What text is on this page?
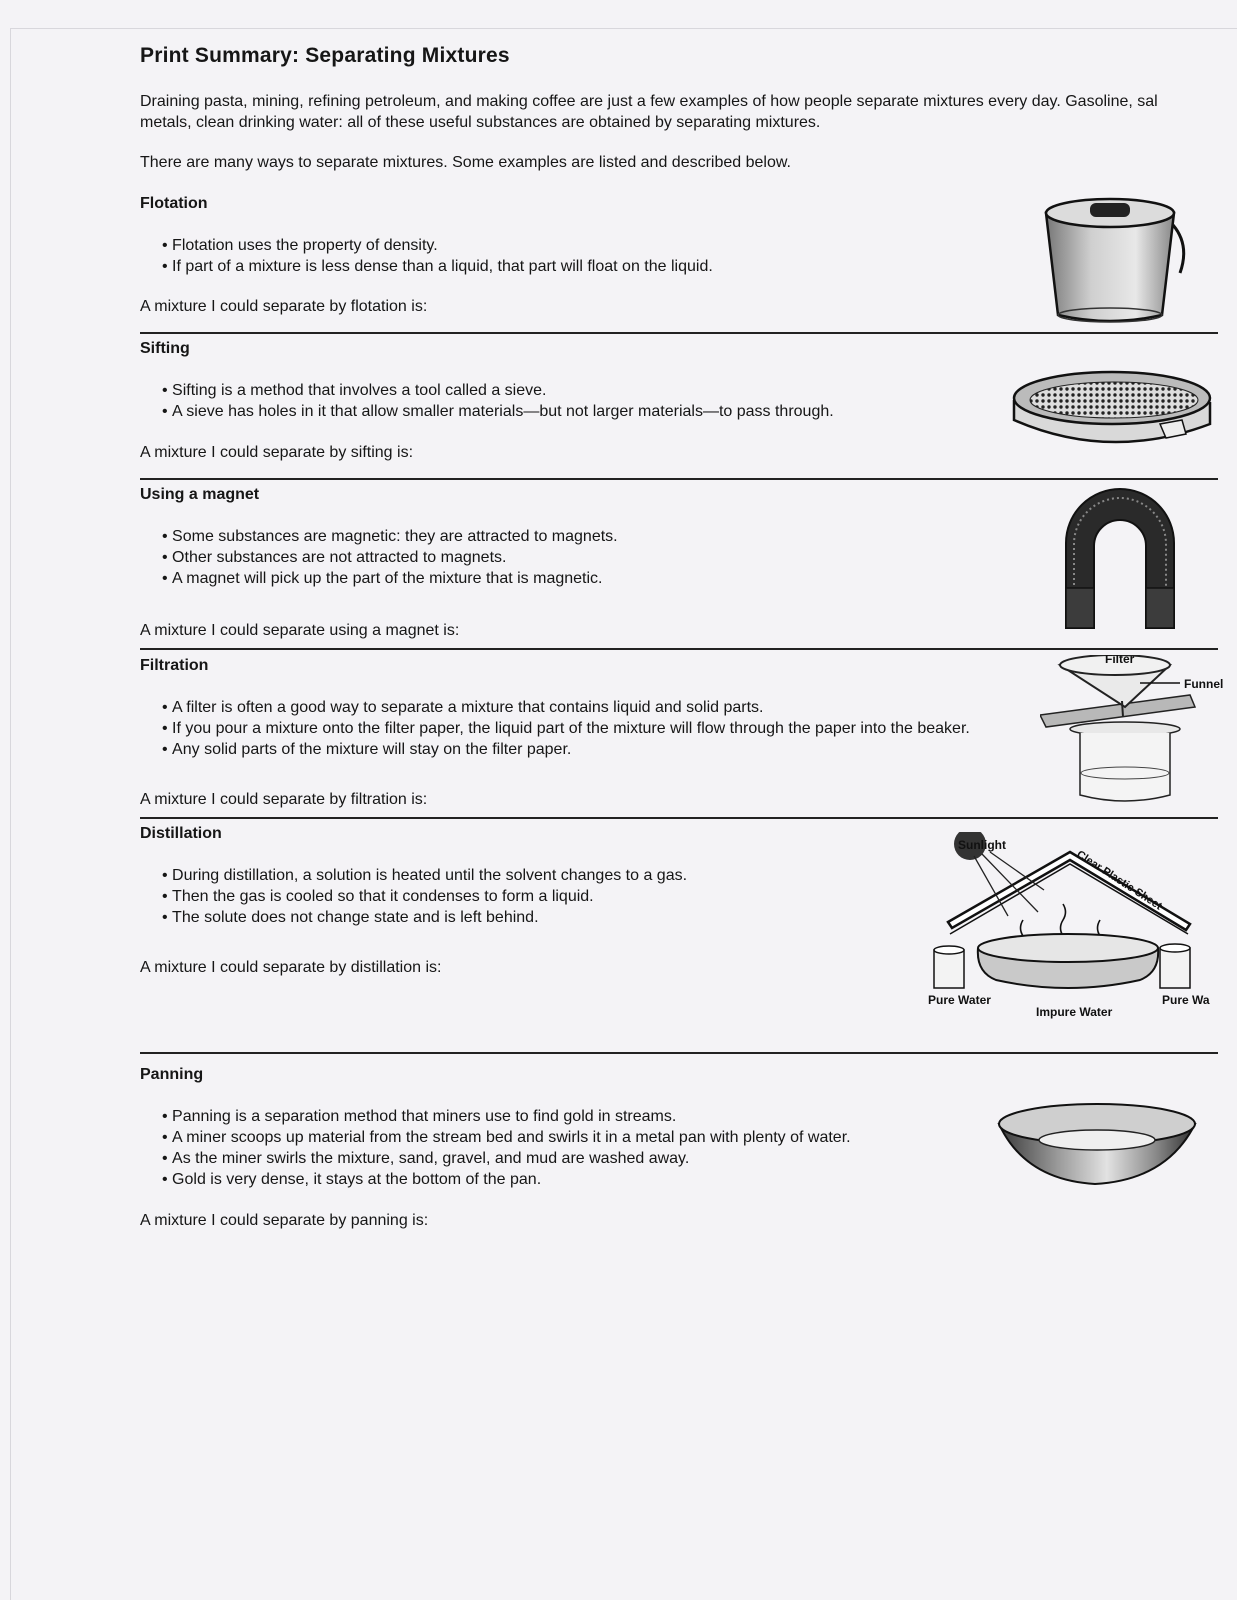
Print Summary: Separating Mixtures
Draining pasta, mining, refining petroleum, and making coffee are just a few examples of how people separate mixtures every day. Gasoline, sal
metals, clean drinking water: all of these useful substances are obtained by separating mixtures.
There are many ways to separate mixtures. Some examples are listed and described below.
Flotation
• Flotation uses the property of density.
• If part of a mixture is less dense than a liquid, that part will float on the liquid.
A mixture I could separate by flotation is:
Sifting
• Sifting is a method that involves a tool called a sieve.
• A sieve has holes in it that allow smaller materials—but not larger materials—to pass through.
A mixture I could separate by sifting is:
Using a magnet
• Some substances are magnetic: they are attracted to magnets.
• Other substances are not attracted to magnets.
• A magnet will pick up the part of the mixture that is magnetic.
A mixture I could separate using a magnet is:
Filtration
• A filter is often a good way to separate a mixture that contains liquid and solid parts.
• If you pour a mixture onto the filter paper, the liquid part of the mixture will flow through the paper into the beaker.
• Any solid parts of the mixture will stay on the filter paper.
A mixture I could separate by filtration is:
Distillation
• During distillation, a solution is heated until the solvent changes to a gas.
• Then the gas is cooled so that it condenses to form a liquid.
• The solute does not change state and is left behind.
A mixture I could separate by distillation is:
Panning
• Panning is a separation method that miners use to find gold in streams.
• A miner scoops up material from the stream bed and swirls it in a metal pan with plenty of water.
• As the miner swirls the mixture, sand, gravel, and mud are washed away.
• Gold is very dense, it stays at the bottom of the pan.
A mixture I could separate by panning is:
Filter
Funnel
Sunlight
Clear Plastic Sheet
Pure Water
Impure Water
Pure Wa
